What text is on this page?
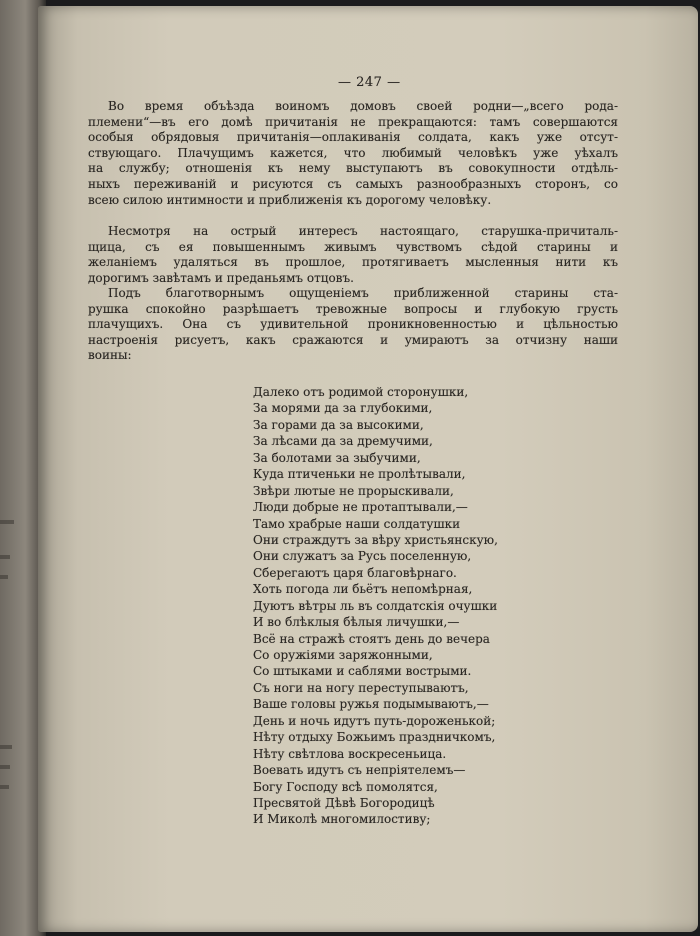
— 247 —

Во время объѣзда воиномъ домовъ своей родни—„всего рода-
племени“—въ его домѣ причитанія не прекращаются: тамъ совершаются
особыя обрядовыя причитанія—оплакиванія солдата, какъ уже отсут-
ствующаго. Плачущимъ кажется, что любимый человѣкъ уже уѣхалъ
на службу; отношенія къ нему выступаютъ въ совокупности отдѣль-
ныхъ переживаній и рисуются съ самыхъ разнообразныхъ сторонъ, со
всею силою интимности и приближенія къ дорогому человѣку.

Несмотря на острый интересъ настоящаго, старушка-причиталь-
щица, съ ея повышеннымъ живымъ чувствомъ сѣдой старины и
желаніемъ удаляться въ прошлое, протягиваетъ мысленныя нити къ
дорогимъ завѣтамъ и преданьямъ отцовъ.

Подъ благотворнымъ ощущеніемъ приближенной старины ста-
рушка спокойно разрѣшаетъ тревожные вопросы и глубокую грусть
плачущихъ. Она съ удивительной проникновенностью и цѣльностью
настроенія рисуетъ, какъ сражаются и умираютъ за отчизну наши
воины:

Далеко отъ родимой сторонушки,
За морями да за глубокими,
За горами да за высокими,
За лѣсами да за дремучими,
За болотами за зыбучими,
Куда птиченьки не пролѣтывали,
Звѣри лютые не прорыскивали,
Люди добрые не протаптывали,—
Тамо храбрые наши солдатушки
Они страждутъ за вѣру христьянскую,
Они служатъ за Русь поселенную,
Сберегаютъ царя благовѣрнаго.
Хоть погода ли бьётъ непомѣрная,
Дуютъ вѣтры ль въ солдатскія очушки
И во блѣклыя бѣлыя личушки,—
Всё на стражѣ стоятъ день до вечера
Со оружіями заряжонными,
Со штыками и саблями вострыми.
Съ ноги на ногу переступываютъ,
Ваше головы ружья подымываютъ,—
День и ночь идутъ путь-дороженькой;
Нѣту отдыху Божьимъ праздничкомъ,
Нѣту свѣтлова воскресеньица.
Воевать идутъ съ непріятелемъ—
Богу Господу всѣ помолятся,
Пресвятой Дѣвѣ Богородицѣ
И Миколѣ многомилостиву;
